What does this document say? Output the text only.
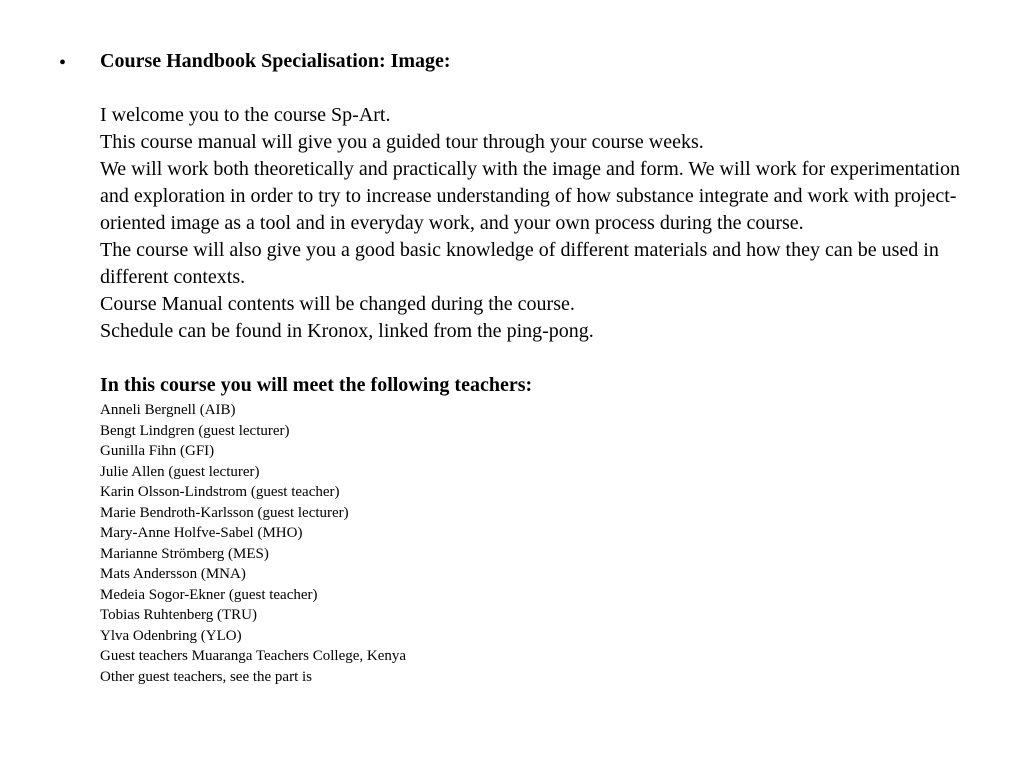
• Course Handbook Specialisation: Image:

I welcome you to the course Sp-Art.

This course manual will give you a guided tour through your course weeks.

We will work both theoretically and practically with the image and form. We will work for experimentation and exploration in order to try to increase understanding of how substance integrate and work with project-oriented image as a tool and in everyday work, and your own process during the course.

The course will also give you a good basic knowledge of different materials and how they can be used in different contexts.

Course Manual contents will be changed during the course.

Schedule can be found in Kronox, linked from the ping-pong.

In this course you will meet the following teachers:

Anneli Bergnell (AIB)
Bengt Lindgren (guest lecturer)
Gunilla Fihn (GFI)
Julie Allen (guest lecturer)
Karin Olsson-Lindstrom (guest teacher)
Marie Bendroth-Karlsson (guest lecturer)
Mary-Anne Holfve-Sabel (MHO)
Marianne Strömberg (MES)
Mats Andersson (MNA)
Medeia Sogor-Ekner (guest teacher)
Tobias Ruhtenberg (TRU)
Ylva Odenbring (YLO)
Guest teachers Muaranga Teachers College, Kenya
Other guest teachers, see the part is
